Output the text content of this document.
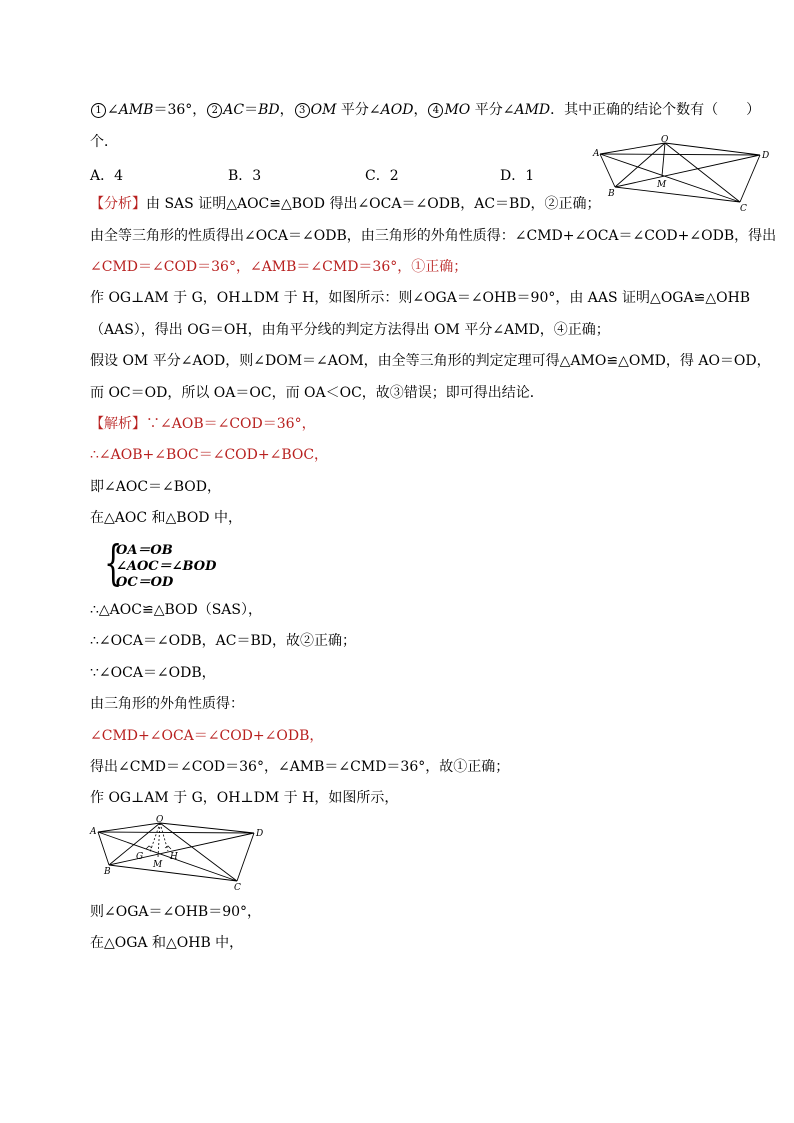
1 ∠AMB＝36°， 2 AC＝BD， 3 OM 平分∠AOD， 4 MO 平分∠AMD．其中正确的结论个数有（　　）
个．
A．4	B．3	C．2	D．1
A
O
D
B
M
C
【分析】由 SAS 证明△AOC≌△BOD 得出∠OCA＝∠ODB，AC＝BD，②正确；
由全等三角形的性质得出∠OCA＝∠ODB，由三角形的外角性质得：∠CMD+∠OCA＝∠COD+∠ODB，得出
∠CMD＝∠COD＝36°，∠AMB＝∠CMD＝36°，①正确；
作 OG⊥AM 于 G，OH⊥DM 于 H，如图所示：则∠OGA＝∠OHB＝90°，由 AAS 证明△OGA≌△OHB
（AAS），得出 OG＝OH，由角平分线的判定方法得出 OM 平分∠AMD，④正确；
假设 OM 平分∠AOD，则∠DOM＝∠AOM，由全等三角形的判定定理可得△AMO≌△OMD，得 AO＝OD，
而 OC＝OD，所以 OA＝OC，而 OA＜OC，故③错误；即可得出结论．
【解析】∵∠AOB＝∠COD＝36°，
∴∠AOB+∠BOC＝∠COD+∠BOC，
即∠AOC＝∠BOD，
在△AOC 和△BOD 中，
{
OA＝OB
∠AOC＝∠BOD
OC＝OD
∴△AOC≌△BOD（SAS），
∴∠OCA＝∠ODB，AC＝BD，故②正确；
∵∠OCA＝∠ODB，
由三角形的外角性质得：
∠CMD+∠OCA＝∠COD+∠ODB，
得出∠CMD＝∠COD＝36°，∠AMB＝∠CMD＝36°，故①正确；
作 OG⊥AM 于 G，OH⊥DM 于 H，如图所示，
A
O
D
B
G	H
M
C
则∠OGA＝∠OHB＝90°，
在△OGA 和△OHB 中，
